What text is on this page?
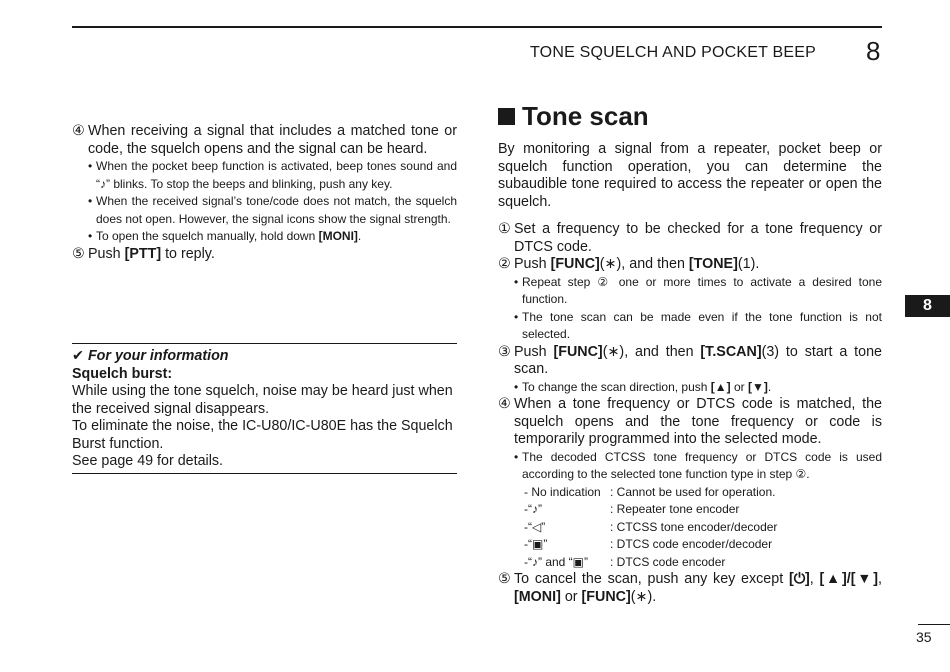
TONE SQUELCH AND POCKET BEEP 8
8
④ When receiving a signal that includes a matched tone or code, the squelch opens and the signal can be heard.
• When the pocket beep function is activated, beep tones sound and “♪” blinks. To stop the beeps and blinking, push any key.
• When the received signal’s tone/code does not match, the squelch does not open. However, the signal icons show the signal strength.
• To open the squelch manually, hold down [MONI].
⑤ Push [PTT] to reply.
✔ For your information
Squelch burst:
While using the tone squelch, noise may be heard just when the received signal disappears.
To eliminate the noise, the IC-U80/IC-U80E has the Squelch Burst function.
See page 49 for details.
Tone scan
By monitoring a signal from a repeater, pocket beep or squelch function operation, you can determine the subaudible tone required to access the repeater or open the squelch.
① Set a frequency to be checked for a tone frequency or DTCS code.
② Push [FUNC](∗), and then [TONE](1).
• Repeat step ② one or more times to activate a desired tone function.
• The tone scan can be made even if the tone function is not selected.
③ Push [FUNC](∗), and then [T.SCAN](3) to start a tone scan.
• To change the scan direction, push [▲] or [▼].
④ When a tone frequency or DTCS code is matched, the squelch opens and the tone frequency or code is temporarily programmed into the selected mode.
• The decoded CTCSS tone frequency or DTCS code is used according to the selected tone function type in step ②.
- No indication : Cannot be used for operation.
-“♪”	: Repeater tone encoder
-“◁”	: CTCSS tone encoder/decoder
-“▣”	: DTCS code encoder/decoder
-“♪” and “▣”	: DTCS code encoder
⑤ To cancel the scan, push any key except [⏻], [▲]/[▼], [MONI] or [FUNC](∗).
35
